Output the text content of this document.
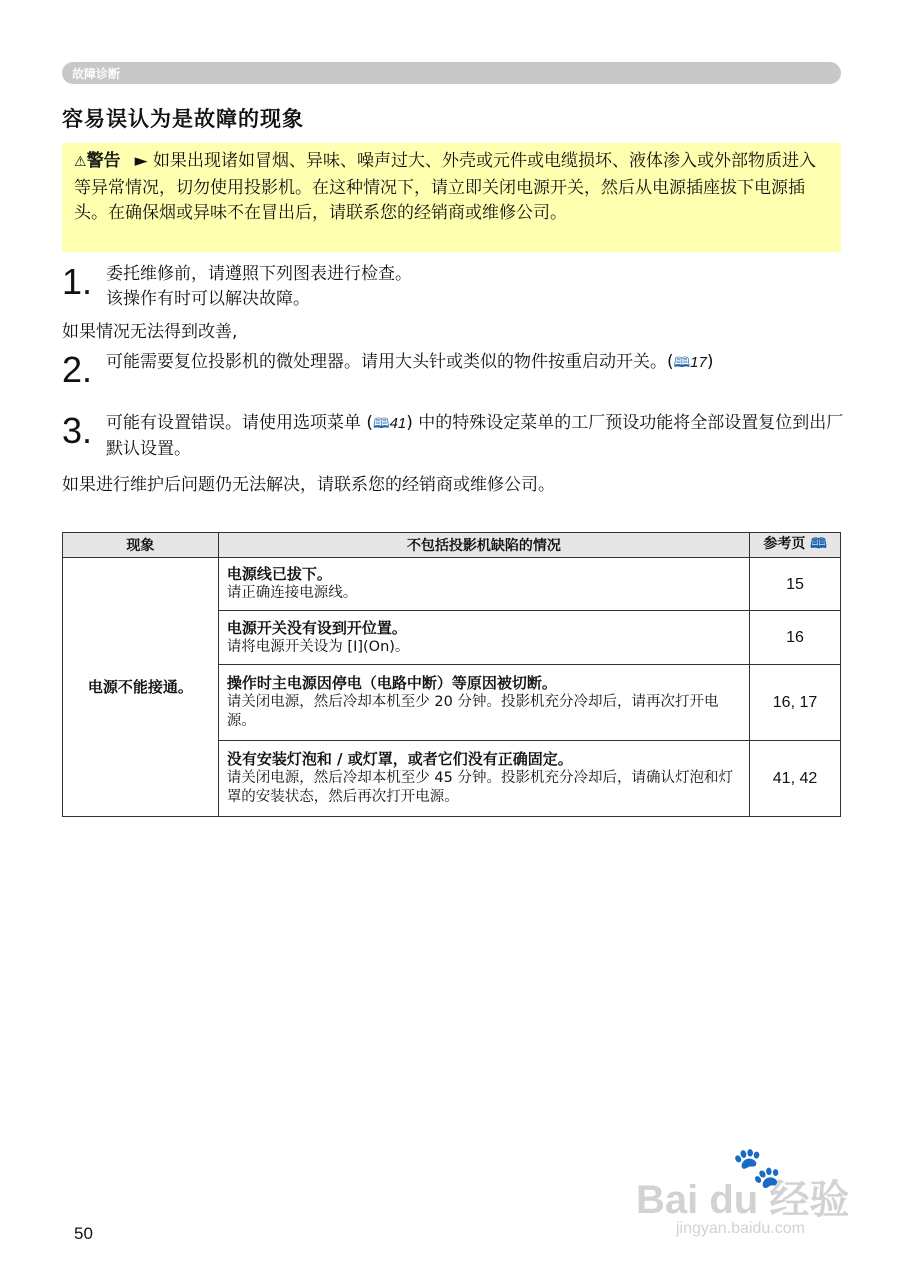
故障诊断
容易误认为是故障的现象
⚠警告 ► 如果出现诸如冒烟、异味、噪声过大、外壳或元件或电缆损坏、液体渗入或外部物质进入等异常情况，切勿使用投影机。在这种情况下，请立即关闭电源开关，然后从电源插座拔下电源插头。在确保烟或异味不在冒出后，请联系您的经销商或维修公司。
1. 委托维修前，请遵照下列图表进行检查。
该操作有时可以解决故障。
如果情况无法得到改善,
2. 可能需要复位投影机的微处理器。请用大头针或类似的物件按重启动开关。(🕮17)
3. 可能有设置错误。请使用选项菜单 (🕮41) 中的特殊设定菜单的工厂预设功能将全部设置复位到出厂默认设置。
如果进行维护后问题仍无法解决，请联系您的经销商或维修公司。
现象	不包括投影机缺陷的情况	参考页 🕮
电源不能接通。	电源线已拔下。
请正确连接电源线。	15

	电源开关没有设到开位置。
请将电源开关设为 [I](On)。	16

	操作时主电源因停电（电路中断）等原因被切断。
请关闭电源，然后冷却本机至少 20 分钟。投影机充分冷却后，请再次打开电源。	16, 17

	没有安装灯泡和 / 或灯罩，或者它们没有正确固定。
请关闭电源，然后冷却本机至少 45 分钟。投影机充分冷却后，请确认灯泡和灯罩的安装状态，然后再次打开电源。	41, 42
🐾
Bai du 经验
jingyan.baidu.com
50
